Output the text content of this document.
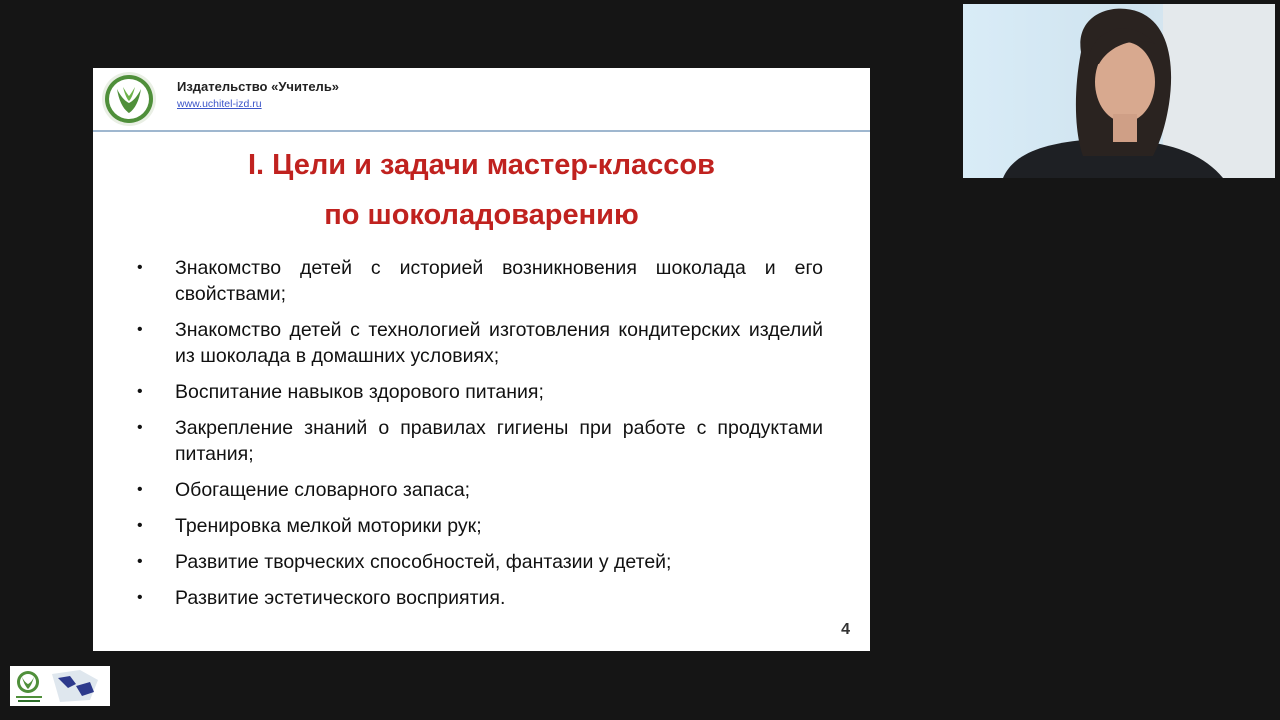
Издательство «Учитель»
www.uchitel-izd.ru
I. Цели и задачи мастер-классов
по шоколадоварению
• Знакомство детей с историей возникновения шоколада и его свойствами;
• Знакомство детей с технологией изготовления кондитерских изделий из шоколада в домашних условиях;
• Воспитание навыков здорового питания;
• Закрепление знаний о правилах гигиены при работе с продуктами питания;
• Обогащение словарного запаса;
• Тренировка мелкой моторики рук;
• Развитие творческих способностей, фантазии у детей;
• Развитие эстетического восприятия.
4
